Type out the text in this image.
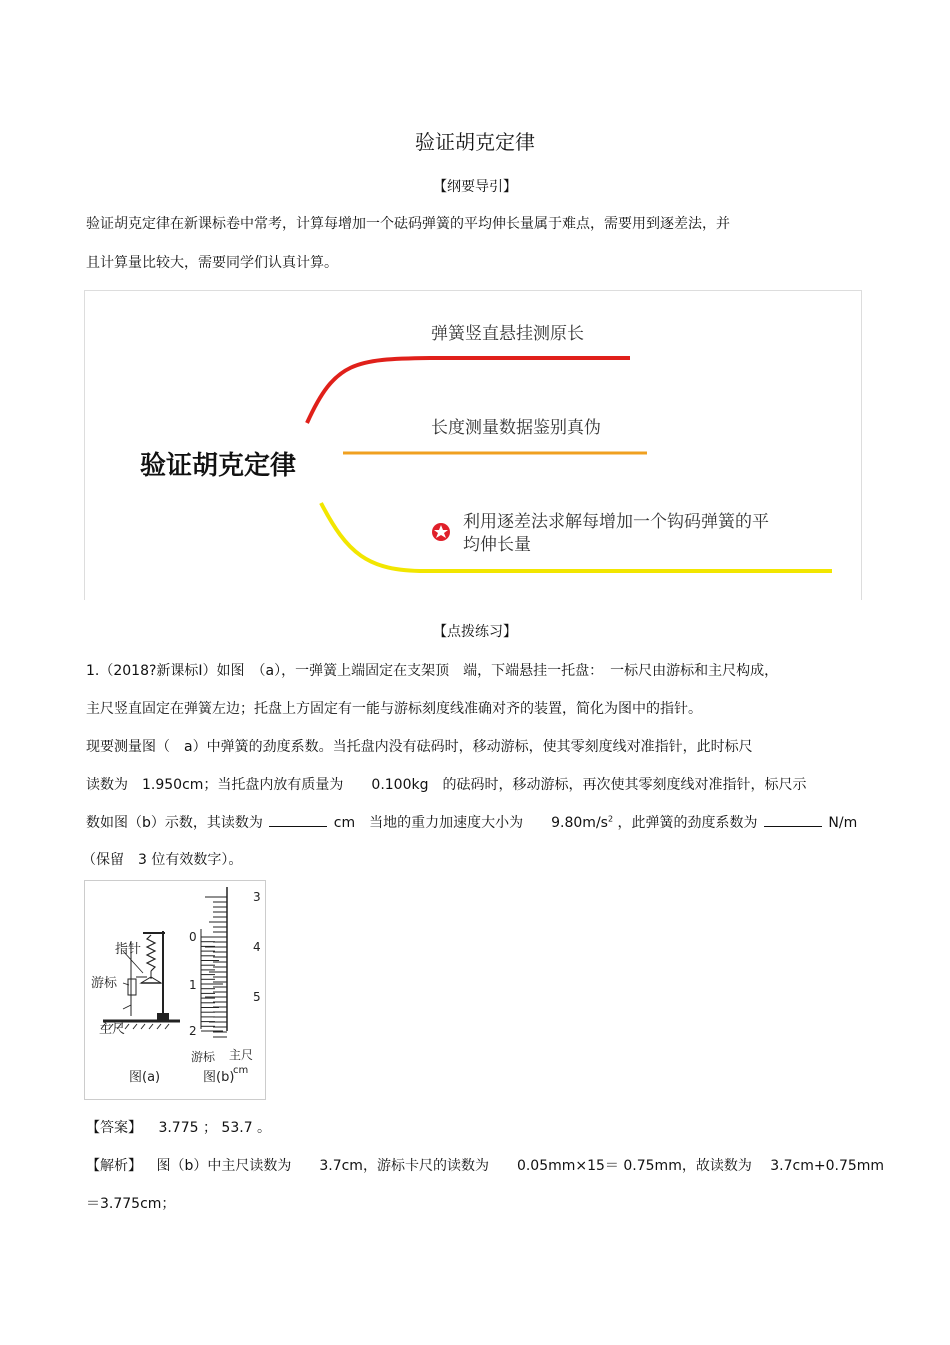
验证胡克定律
【纲要导引】
验证胡克定律在新课标卷中常考，计算每增加一个砝码弹簧的平均伸长量属于难点，需要用到逐差法，并
且计算量比较大，需要同学们认真计算。
验证胡克定律
弹簧竖直悬挂测原长
长度测量数据鉴别真伪
利用逐差法求解每增加一个钩码弹簧的平
均伸长量
【点拨练习】
1.（2018?新课标Ⅰ）如图　（a），一弹簧上端固定在支架顶　端，下端悬挂一托盘：　一标尺由游标和主尺构成，
主尺竖直固定在弹簧左边；托盘上方固定有一能与游标刻度线准确对齐的装置，简化为图中的指针。
现要测量图（　a）中弹簧的劲度系数。当托盘内没有砝码时，移动游标，使其零刻度线对准指针，此时标尺
读数为　1.950cm；当托盘内放有质量为　　0.100kg　的砝码时，移动游标，再次使其零刻度线对准指针，标尺示
数如图（b）示数，其读数为	cm　当地的重力加速度大小为　　$9.80m/s^2$ ，此弹簧的劲度系数为	N/m
（保留　3 位有效数字）。
指针
游标
主尺
图(a)
0
1
2
3
4
5
游标 主尺
cm
图(b)
【答案】 3.775 ； 53.7 。
【解析】 图（b）中主尺读数为　　3.7cm，游标卡尺的读数为　　0.05mm×15＝ 0.75mm，故读数为　 3.7cm+0.75mm
＝3.775cm；
